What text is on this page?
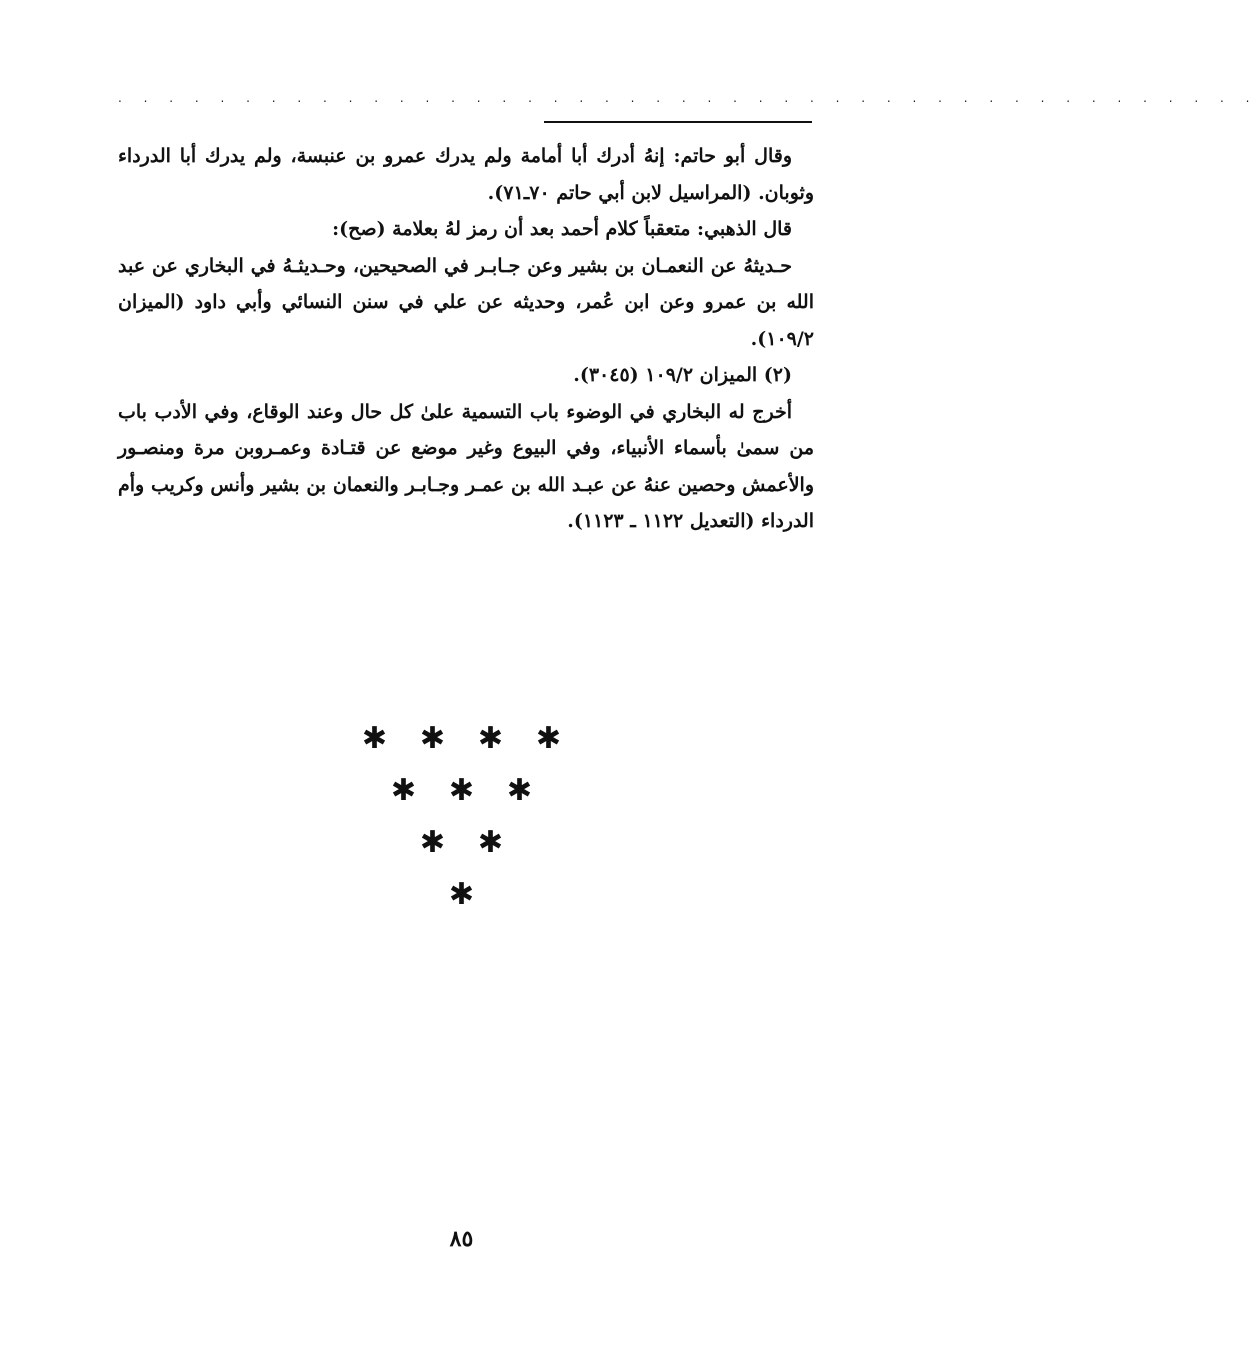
. . . . . . . . . . . . . . . . . . . . . . . . . . . . . . . . . . . . . . . . . . . . .

وقال أبو حاتم: إنهُ أدرك أبا أمامة ولم يدرك عمرو بن عنبسة، ولم يدرك أبا الدرداء وثوبان. (المراسيل لابن أبي حاتم ٧٠ـ٧١).

قال الذهبي: متعقباً كلام أحمد بعد أن رمز لهُ بعلامة (صح):

حـديثهُ عن النعمـان بن بشير وعن جـابـر في الصحيحين، وحـديثـهُ في البخاري عن عبد الله بن عمرو وعن ابن عُمر، وحديثه عن علي في سنن النسائي وأبي داود (الميزان ١٠٩/٢).

(٢) الميزان ١٠٩/٢ (٣٠٤٥).

أخرج له البخاري في الوضوء باب التسمية علىٰ كل حال وعند الوقاع، وفي الأدب باب من سمىٰ بأسماء الأنبياء، وفي البيوع وغير موضع عن قتـادة وعمـروبن مرة ومنصـور والأعمش وحصين عنهُ عن عبـد الله بن عمـر وجـابـر والنعمان بن بشير وأنس وكريب وأم الدرداء (التعديل ١١٢٢ ـ ١١٢٣).

✱	✱	✱	✱
✱	✱	✱
✱	✱
✱
٨٥
